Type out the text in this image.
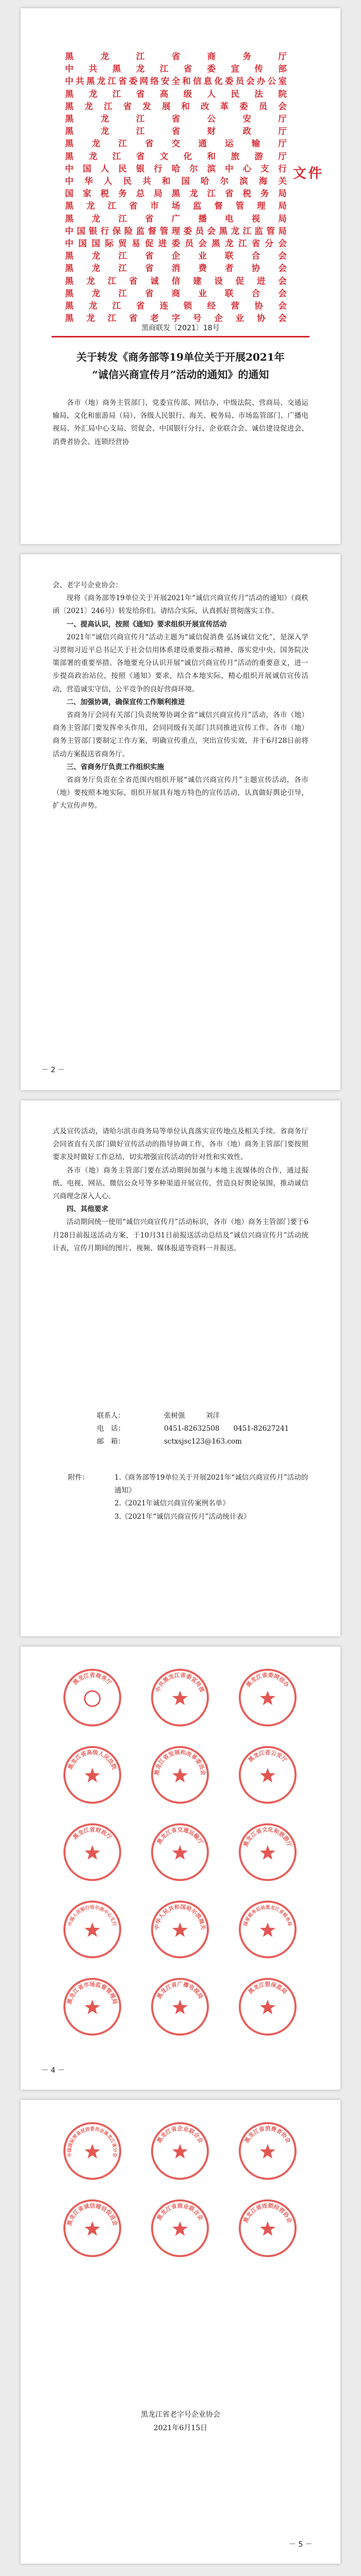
黑龙江省商务厅
中共黑龙江省委宣传部
中共黑龙江省委网络安全和信息化委员会办公室
黑龙江省高级人民法院
黑龙江省发展和改革委员会
黑龙江省公安厅
黑龙江省财政厅
黑龙江省交通运输厅
黑龙江省文化和旅游厅
中国人民银行哈尔滨中心支行
中华人民共和国哈尔滨海关
国家税务总局黑龙江省税务局
黑龙江省市场监督管理局
黑龙江省广播电视局
中国银行保险监督管理委员会黑龙江监管局
中国国际贸易促进委员会黑龙江省分会
黑龙江省企业联合会
黑龙江省消费者协会
黑龙江省诚信建设促进会
黑龙江省商业联合会
黑龙江省连锁经营协会
黑龙江省老字号企业协会
文件
黑商联发〔2021〕18号
关于转发《商务部等19单位关于开展2021年
“诚信兴商宣传月”活动的通知》的通知

　　各市（地）商务主管部门、党委宣传部、网信办、中级法院、营商局、交通运输局、文化和旅游局（局）、各级人民银行、海关、税务局、市场监管部门、广播电视局、外汇局中心支局、贸促会、中国银行分行、企业联合会、诚信建设促进会、消费者协会、连锁经营协

会、老字号企业协会：

现将《商务部等19单位关于开展2021年“诚信兴商宣传月”活动的通知》（商秩函〔2021〕246号）转发给你们。请结合实际，认真抓好贯彻落实工作。

一、提高认识，按照《通知》要求组织开展宣传活动

2021年“诚信兴商宣传月”活动主题为“诚信促消费 弘扬诚信文化”，是深入学习贯彻习近平总书记关于社会信用体系建设重要指示精神、落实党中央、国务院决策部署的重要举措。各地要充分认识开展“诚信兴商宣传月”活动的重要意义，进一步提高政治站位，按照《通知》要求，结合本地实际，精心组织开展诚信宣传活动，营造诚实守信、公平竞争的良好营商环境。

二、加强协调，确保宣传工作顺利推进

省商务厅会同有关部门负责统筹协调全省“诚信兴商宣传月”活动，各市（地）商务主管部门要发挥牵头作用，会同同级有关部门共同推进宣传工作。各市（地）商务主管部门要制定工作方案，明确宣传重点，突出宣传实效，并于6月28日前将活动方案报送省商务厅。

三、省商务厅负责工作组织实施

省商务厅负责在全省范围内组织开展“诚信兴商宣传月”主题宣传活动，各市（地）要按照本地实际，组织开展具有地方特色的宣传活动，认真做好舆论引导，扩大宣传声势。

－ 2 －

式及宣传活动，请哈尔滨市商务局等单位认真落实宣传地点及相关手续。省商务厅会同省直有关部门做好宣传活动的指导协调工作，各市（地）商务主管部门要按照要求及时做好工作总结，切实增强宣传活动的针对性和实效性。

各市（地）商务主管部门要在活动期间加强与本地主流媒体的合作，通过报纸、电视、网站、微信公众号等多种渠道开展宣传，营造良好舆论氛围，推动诚信兴商理念深入人心。

四、其他要求

活动期间统一使用“诚信兴商宣传月”活动标识，各市（地）商务主管部门要于6月28日前报送活动方案，于10月31日前报送活动总结及“诚信兴商宣传月”活动统计表，宣传月期间的图片、视频、媒体报道等资料一并报送。

联系人：	张树强　　　刘洋
电　话：	0451-82632508　　0451-82627241
邮　箱：	sctxsjsc123@163.com
附件：	1.《商务部等19单位关于开展2021年“诚信兴商宣传月”活动的通知》
2.《2021年诚信兴商宣传案例名单》
3.《2021年“诚信兴商宣传月”活动统计表》
黑龙江省商务厅
中共黑龙江省委宣传部
黑龙江省委网信办
黑龙江省高级人民法院
黑龙江省发展和改革委员会
黑龙江省公安厅
黑龙江省财政厅
黑龙江省交通运输厅	黑龙江省文化和旅游厅
中国人民银行哈尔滨中心支行
中华人民共和国哈尔滨海关
国家税务总局黑龙江省税务局
黑龙江省市场监督管理局
黑龙江省广播电视局
黑龙江银保监局
－ 4 －
中国国际贸易促进委员会黑龙江省分会
黑龙江省企业联合会	黑龙江省消费者协会
黑龙江省诚信建设促进会
黑龙江省商业联合会	黑龙江省连锁经营协会
黑龙江省老字号企业协会
2021年6月15日
－ 5 －
